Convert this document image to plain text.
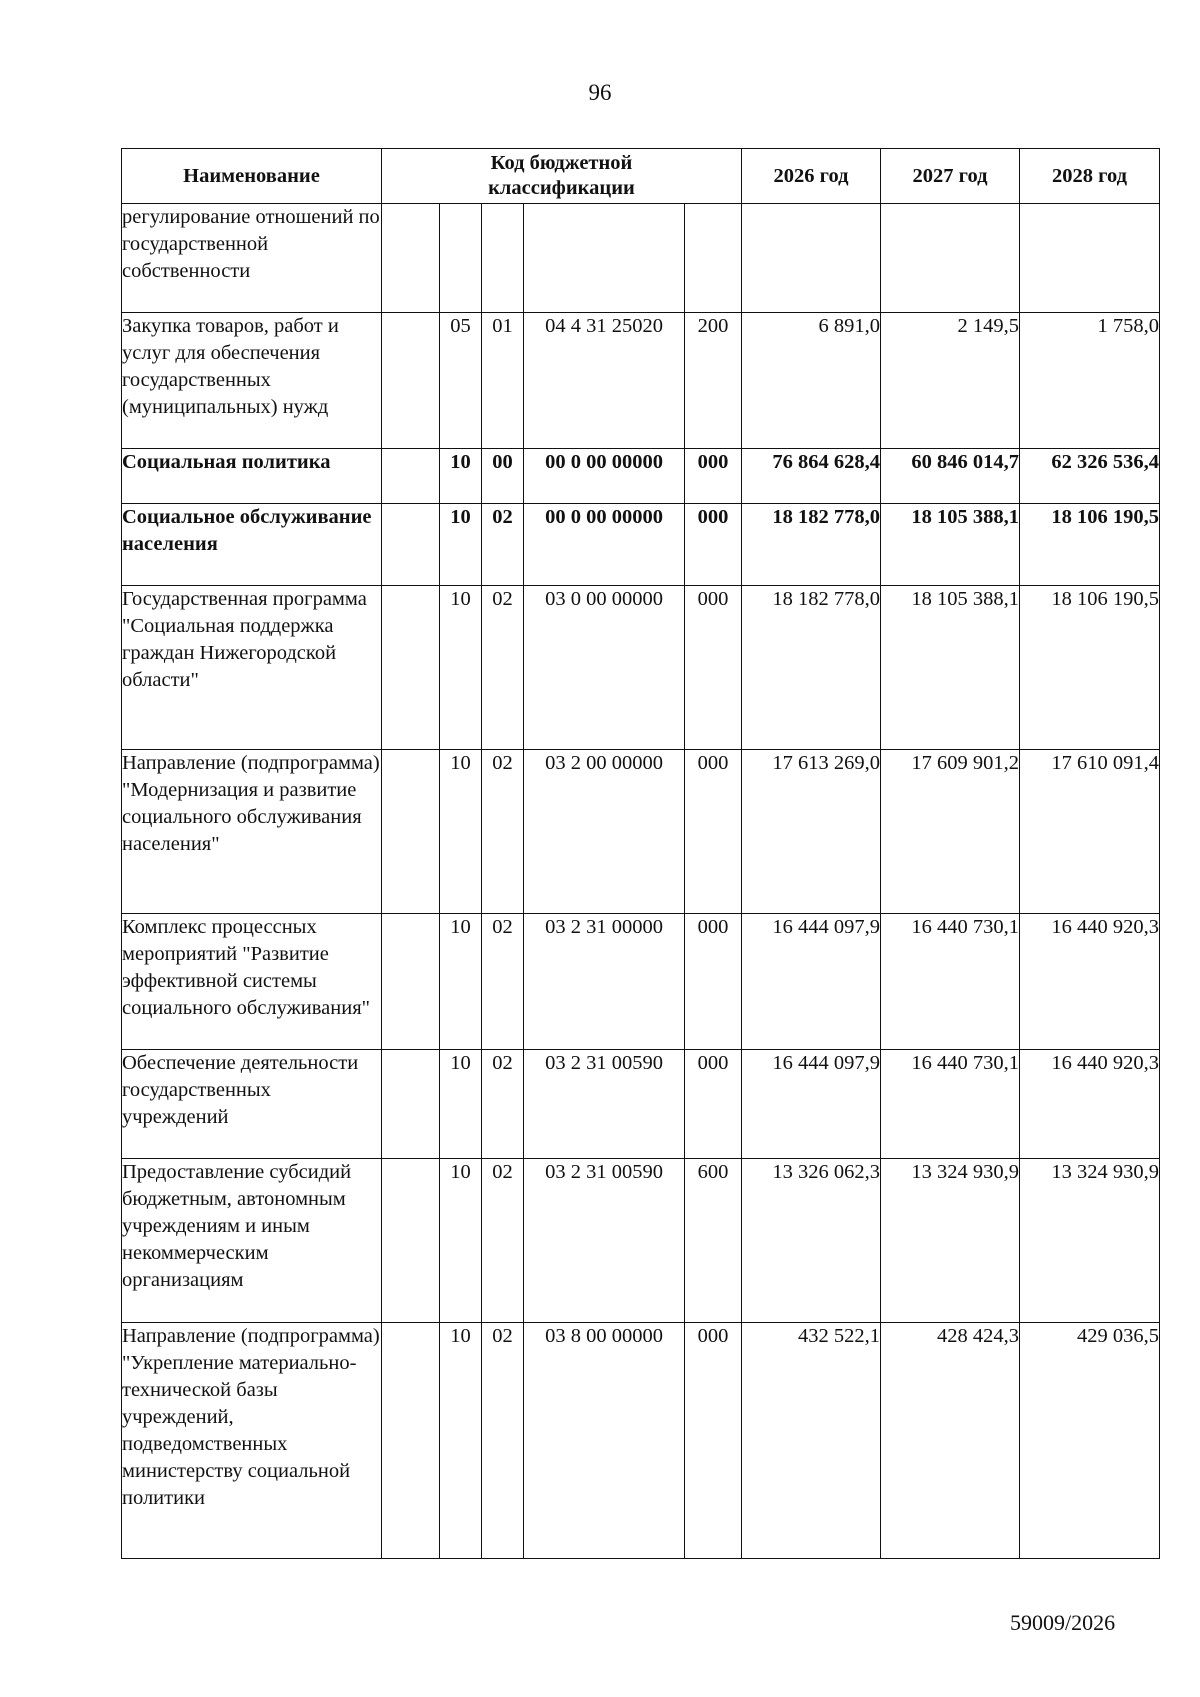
96
Наименование	Код бюджетной классификации					2026 год	2027 год	2028 год
регулирование отношений по государственной собственности								
Закупка товаров, работ и услуг для обеспечения государственных (муниципальных) нужд		05	01	04 4 31 25020	200	6 891,0	2 149,5	1 758,0
Социальная политика		10	00	00 0 00 00000	000	76 864 628,4	60 846 014,7	62 326 536,4
Социальное обслуживание населения		10	02	00 0 00 00000	000	18 182 778,0	18 105 388,1	18 106 190,5
Государственная программа "Социальная поддержка граждан Нижегородской области"		10	02	03 0 00 00000	000	18 182 778,0	18 105 388,1	18 106 190,5
Направление (подпрограмма) "Модернизация и развитие социального обслуживания населения"		10	02	03 2 00 00000	000	17 613 269,0	17 609 901,2	17 610 091,4
Комплекс процессных мероприятий "Развитие эффективной системы социального обслуживания"		10	02	03 2 31 00000	000	16 444 097,9	16 440 730,1	16 440 920,3
Обеспечение деятельности государственных учреждений		10	02	03 2 31 00590	000	16 444 097,9	16 440 730,1	16 440 920,3
Предоставление субсидий бюджетным, автономным учреждениям и иным некоммерческим организациям		10	02	03 2 31 00590	600	13 326 062,3	13 324 930,9	13 324 930,9
Направление (подпрограмма) "Укрепление материально-технической базы учреждений, подведомственных министерству социальной политики		10	02	03 8 00 00000	000	432 522,1	428 424,3	429 036,5
59009/2026
